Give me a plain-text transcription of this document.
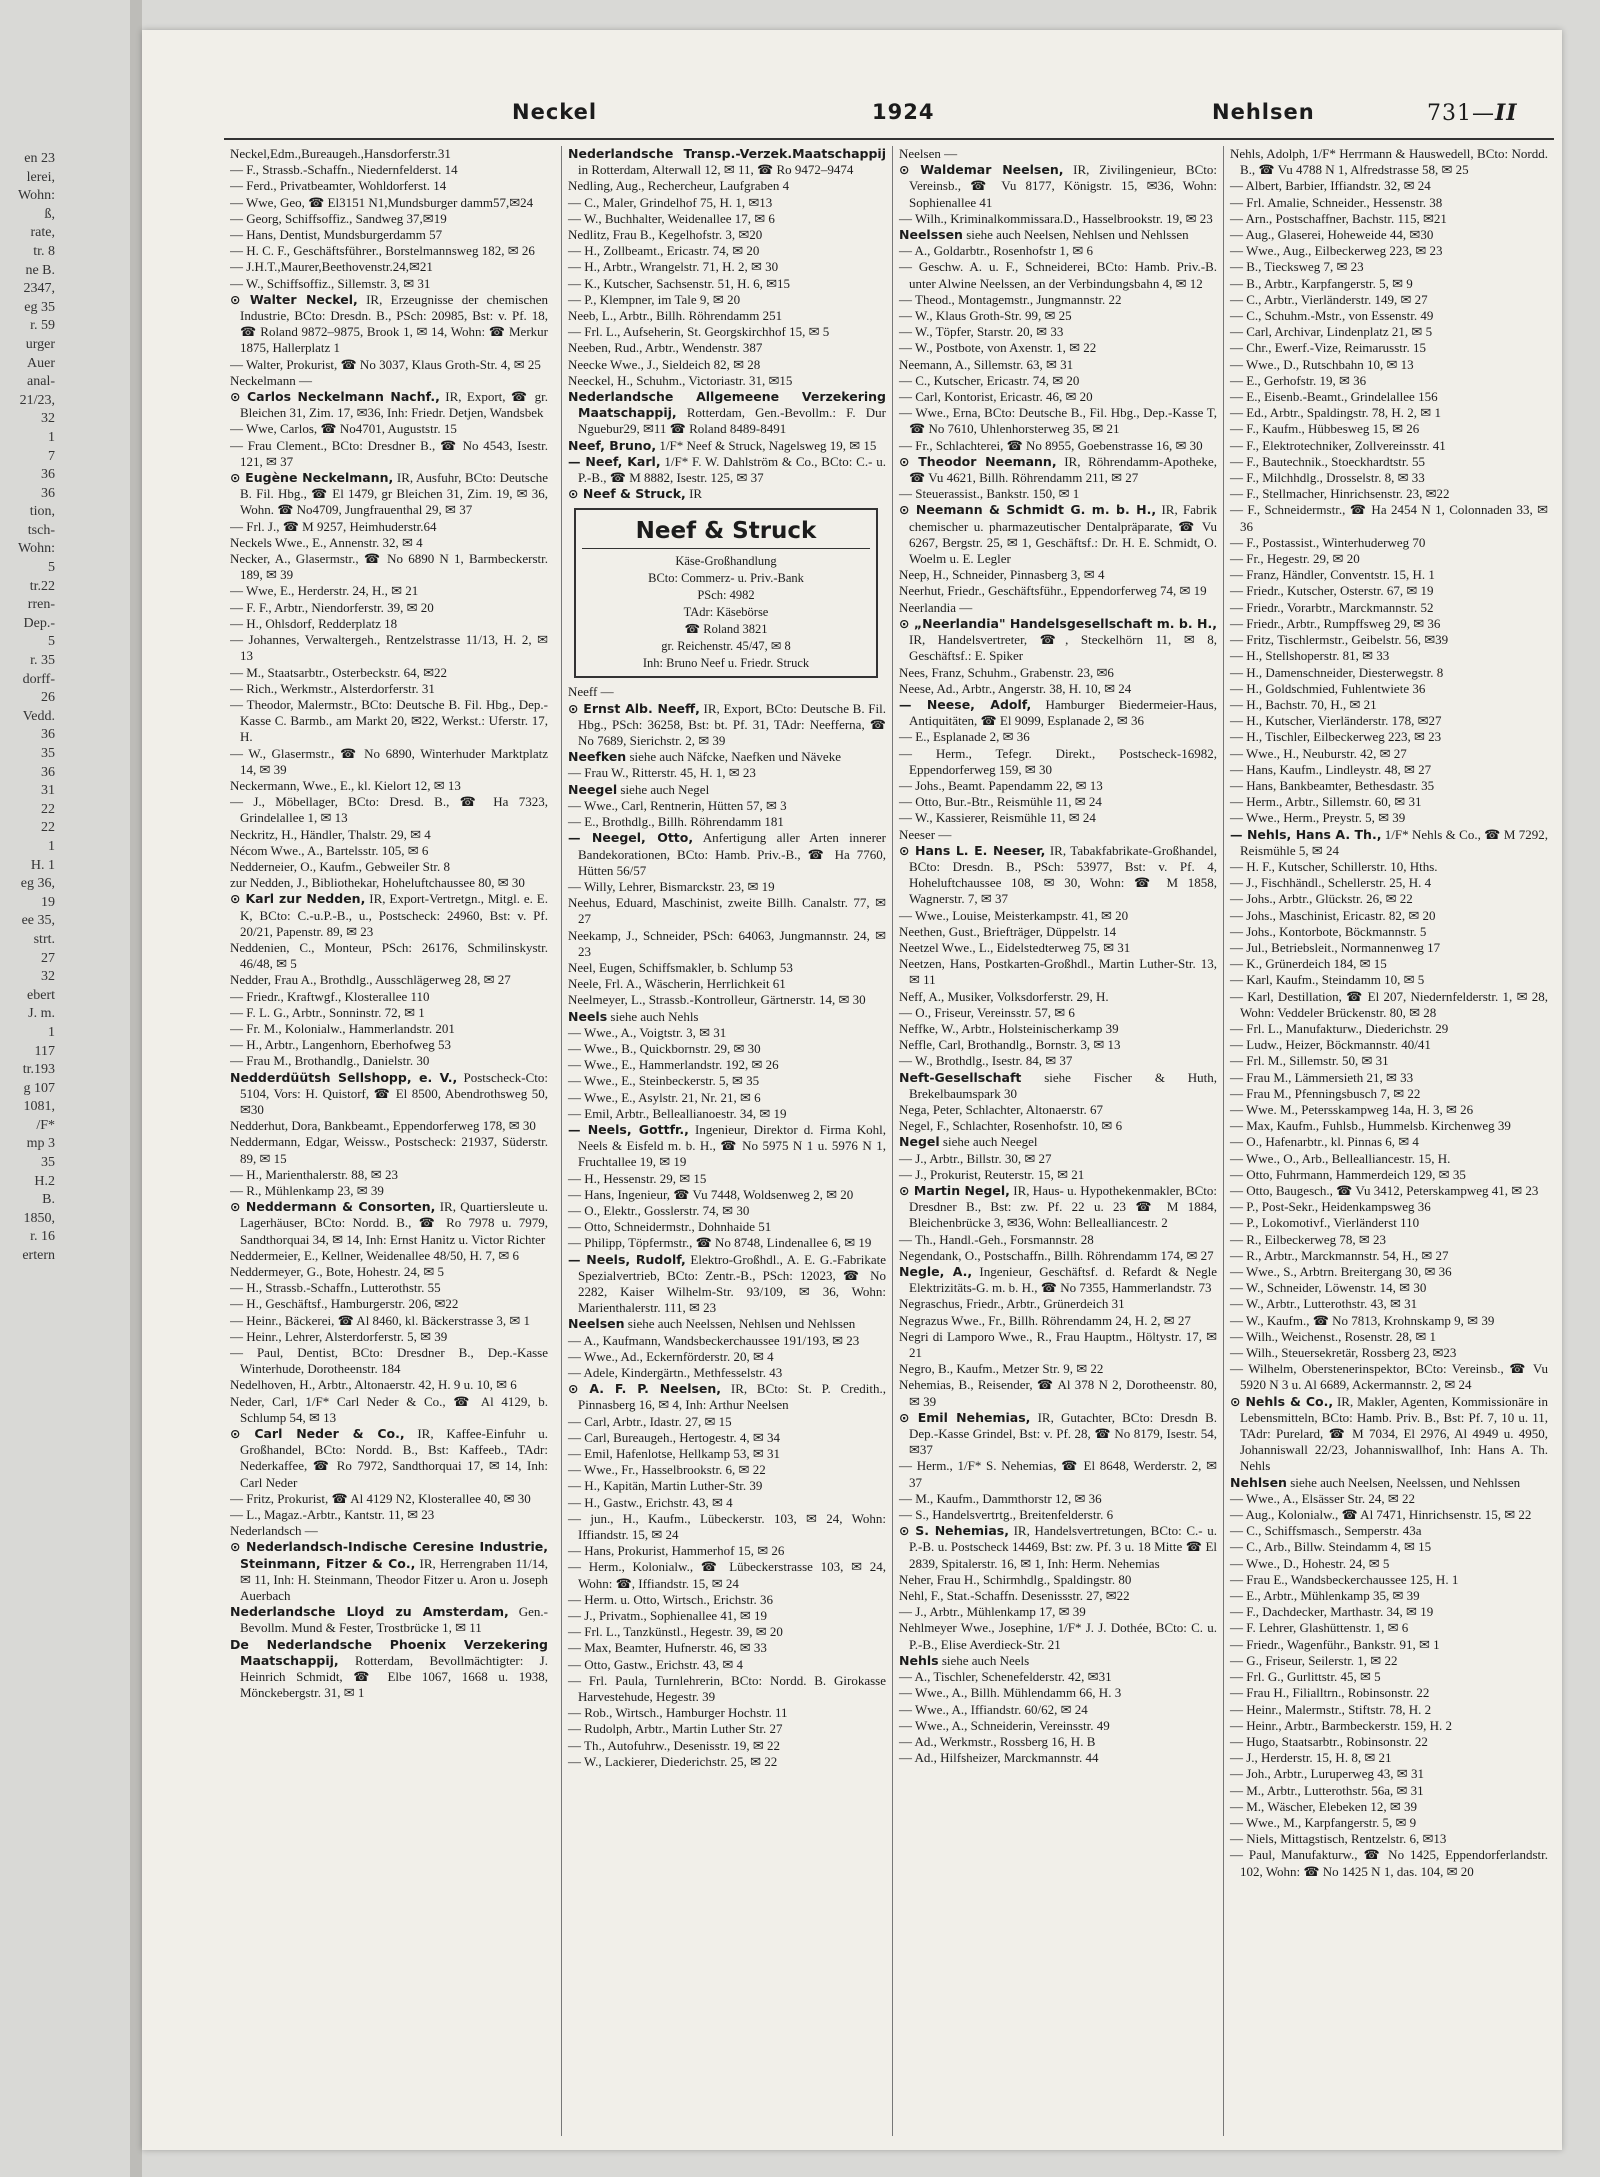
en 23
lerei,
Wohn:
ß,
rate,
tr. 8
ne B.
2347,
eg 35
r. 59
urger
Auer
anal-
21/23,
32
1
7
36
36
tion,
tsch-
Wohn:
5
tr.22
rren-
Dep.-
5
r. 35
dorff-
26
Vedd.
36
35
36
31
22
22
1
H. 1
eg 36,
19
ee 35,
strt.
27
32
ebert
J. m.
1
117
tr.193
g 107
1081,
/F*
mp 3
35
H.2
B.
1850,
r. 16
ertern
Neckel	1924	Nehlsen	731—II
Neckel,Edm.,Bureaugeh.,Hansdorferstr.31
— F., Strassb.-Schaffn., Niedernfelderst. 14
— Ferd., Privatbeamter, Wohldorferst. 14
— Wwe, Geo, ☎ El3151 N1,Mundsburger damm57,✉24
— Georg, Schiffsoffiz., Sandweg 37,✉19
— Hans, Dentist, Mundsburgerdamm 57
— H. C. F., Geschäftsführer., Borstelmannsweg 182, ✉ 26
— J.H.T.,Maurer,Beethovenstr.24,✉21
— W., Schiffsoffiz., Sillemstr. 3, ✉ 31
⊙ Walter Neckel, IR, Erzeugnisse der chemischen Industrie, BCto: Dresdn. B., PSch: 20985, Bst: v. Pf. 18, ☎ Roland 9872–9875, Brook 1, ✉ 14, Wohn: ☎ Merkur 1875, Hallerplatz 1
— Walter, Prokurist, ☎ No 3037, Klaus Groth-Str. 4, ✉ 25
Neckelmann —
⊙ Carlos Neckelmann Nachf., IR, Export, ☎ gr. Bleichen 31, Zim. 17, ✉36, Inh: Friedr. Detjen, Wandsbek
— Wwe, Carlos, ☎ No4701, Auguststr. 15
— Frau Clement., BCto: Dresdner B., ☎ No 4543, Isestr. 121, ✉ 37
⊙ Eugène Neckelmann, IR, Ausfuhr, BCto: Deutsche B. Fil. Hbg., ☎ El 1479, gr Bleichen 31, Zim. 19, ✉ 36, Wohn. ☎ No4709, Jungfrauenthal 29, ✉ 37
— Frl. J., ☎ M 9257, Heimhuderstr.64
Neckels Wwe., E., Annenstr. 32, ✉ 4
Necker, A., Glasermstr., ☎ No 6890 N 1, Barmbeckerstr. 189, ✉ 39
— Wwe, E., Herderstr. 24, H., ✉ 21
— F. F., Arbtr., Niendorferstr. 39, ✉ 20
— H., Ohlsdorf, Redderplatz 18
— Johannes, Verwaltergeh., Rentzelstrasse 11/13, H. 2, ✉ 13
— M., Staatsarbtr., Osterbeckstr. 64, ✉22
— Rich., Werkmstr., Alsterdorferstr. 31
— Theodor, Malermstr., BCto: Deutsche B. Fil. Hbg., Dep.-Kasse C. Barmb., am Markt 20, ✉22, Werkst.: Uferstr. 17, H.
— W., Glasermstr., ☎ No 6890, Winterhuder Marktplatz 14, ✉ 39
Neckermann, Wwe., E., kl. Kielort 12, ✉ 13
— J., Möbellager, BCto: Dresd. B., ☎ Ha 7323, Grindelallee 1, ✉ 13
Neckritz, H., Händler, Thalstr. 29, ✉ 4
Nécom Wwe., A., Bartelsstr. 105, ✉ 6
Nedderneier, O., Kaufm., Gebweiler Str. 8
zur Nedden, J., Bibliothekar, Hoheluftchaussee 80, ✉ 30
⊙ Karl zur Nedden, IR, Export-Vertretgn., Mitgl. e. E. K, BCto: C.-u.P.-B., u., Postscheck: 24960, Bst: v. Pf. 20/21, Papenstr. 89, ✉ 23
Neddenien, C., Monteur, PSch: 26176, Schmilinskystr. 46/48, ✉ 5
Nedder, Frau A., Brothdlg., Ausschlägerweg 28, ✉ 27
— Friedr., Kraftwgf., Klosterallee 110
— F. L. G., Arbtr., Sonninstr. 72, ✉ 1
— Fr. M., Kolonialw., Hammerlandstr. 201
— H., Arbtr., Langenhorn, Eberhofweg 53
— Frau M., Brothandlg., Danielstr. 30
Nedderdüütsh Sellshopp, e. V., Postscheck-Cto: 5104, Vors: H. Quistorf, ☎ El 8500, Abendrothsweg 50, ✉30
Nedderhut, Dora, Bankbeamt., Eppendorferweg 178, ✉ 30
Neddermann, Edgar, Weissw., Postscheck: 21937, Süderstr. 89, ✉ 15
— H., Marienthalerstr. 88, ✉ 23
— R., Mühlenkamp 23, ✉ 39
⊙ Neddermann & Consorten, IR, Quartiersleute u. Lagerhäuser, BCto: Nordd. B., ☎ Ro 7978 u. 7979, Sandthorquai 34, ✉ 14, Inh: Ernst Hanitz u. Victor Richter
Neddermeier, E., Kellner, Weidenallee 48/50, H. 7, ✉ 6
Neddermeyer, G., Bote, Hohestr. 24, ✉ 5
— H., Strassb.-Schaffn., Lutterothstr. 55
— H., Geschäftsf., Hamburgerstr. 206, ✉22
— Heinr., Bäckerei, ☎ Al 8460, kl. Bäckerstrasse 3, ✉ 1
— Heinr., Lehrer, Alsterdorferstr. 5, ✉ 39
— Paul, Dentist, BCto: Dresdner B., Dep.-Kasse Winterhude, Dorotheenstr. 184
Nedelhoven, H., Arbtr., Altonaerstr. 42, H. 9 u. 10, ✉ 6
Neder, Carl, 1/F* Carl Neder & Co., ☎ Al 4129, b. Schlump 54, ✉ 13
⊙ Carl Neder & Co., IR, Kaffee-Einfuhr u. Großhandel, BCto: Nordd. B., Bst: Kaffeeb., TAdr: Nederkaffee, ☎ Ro 7972, Sandthorquai 17, ✉ 14, Inh: Carl Neder
— Fritz, Prokurist, ☎ Al 4129 N2, Klosterallee 40, ✉ 30
— L., Magaz.-Arbtr., Kantstr. 11, ✉ 23
Nederlandsch —
⊙ Nederlandsch-Indische Ceresine Industrie, Steinmann, Fitzer & Co., IR, Herrengraben 11/14, ✉ 11, Inh: H. Steinmann, Theodor Fitzer u. Aron u. Joseph Auerbach
Nederlandsche Lloyd zu Amsterdam, Gen.-Bevollm. Mund & Fester, Trostbrücke 1, ✉ 11
De Nederlandsche Phoenix Verzekering Maatschappij, Rotterdam, Bevollmächtigter: J. Heinrich Schmidt, ☎ Elbe 1067, 1668 u. 1938, Mönckebergstr. 31, ✉ 1
Nederlandsche Transp.-Verzek.Maatschappij in Rotterdam, Alterwall 12, ✉ 11, ☎ Ro 9472–9474
Nedling, Aug., Rechercheur, Laufgraben 4
— C., Maler, Grindelhof 75, H. 1, ✉13
— W., Buchhalter, Weidenallee 17, ✉ 6
Nedlitz, Frau B., Kegelhofstr. 3, ✉20
— H., Zollbeamt., Ericastr. 74, ✉ 20
— H., Arbtr., Wrangelstr. 71, H. 2, ✉ 30
— K., Kutscher, Sachsenstr. 51, H. 6, ✉15
— P., Klempner, im Tale 9, ✉ 20
Neeb, L., Arbtr., Billh. Röhrendamm 251
— Frl. L., Aufseherin, St. Georgskirchhof 15, ✉ 5
Neeben, Rud., Arbtr., Wendenstr. 387
Neecke Wwe., J., Sieldeich 82, ✉ 28
Neeckel, H., Schuhm., Victoriastr. 31, ✉15
Nederlandsche Allgemeene Verzekering Maatschappij, Rotterdam, Gen.-Bevollm.: F. Dur Nguebur29, ✉11 ☎ Roland 8489-8491
Neef, Bruno, 1/F* Neef & Struck, Nagelsweg 19, ✉ 15
— Neef, Karl, 1/F* F. W. Dahlström & Co., BCto: C.- u. P.-B., ☎ M 8882, Isestr. 125, ✉ 37
⊙ Neef & Struck, IR
Neef & Struck
Käse-Großhandlung
BCto: Commerz- u. Priv.-Bank
PSch: 4982
TAdr: Käsebörse
☎ Roland 3821
gr. Reichenstr. 45/47, ✉ 8
Inh: Bruno Neef u. Friedr. Struck
Neeff —
⊙ Ernst Alb. Neeff, IR, Export, BCto: Deutsche B. Fil. Hbg., PSch: 36258, Bst: bt. Pf. 31, TAdr: Neefferna, ☎ No 7689, Sierichstr. 2, ✉ 39
Neefken siehe auch Näfcke, Naefken und Näveke
— Frau W., Ritterstr. 45, H. 1, ✉ 23
Neegel siehe auch Negel
— Wwe., Carl, Rentnerin, Hütten 57, ✉ 3
— E., Brothdlg., Billh. Röhrendamm 181
— Neegel, Otto, Anfertigung aller Arten innerer Bandekorationen, BCto: Hamb. Priv.-B., ☎ Ha 7760, Hütten 56/57
— Willy, Lehrer, Bismarckstr. 23, ✉ 19
Neehus, Eduard, Maschinist, zweite Billh. Canalstr. 77, ✉ 27
Neekamp, J., Schneider, PSch: 64063, Jungmannstr. 24, ✉ 23
Neel, Eugen, Schiffsmakler, b. Schlump 53
Neele, Frl. A., Wäscherin, Herrlichkeit 61
Neelmeyer, L., Strassb.-Kontrolleur, Gärtnerstr. 14, ✉ 30
Neels siehe auch Nehls
— Wwe., A., Voigtstr. 3, ✉ 31
— Wwe., B., Quickbornstr. 29, ✉ 30
— Wwe., E., Hammerlandstr. 192, ✉ 26
— Wwe., E., Steinbeckerstr. 5, ✉ 35
— Wwe., E., Asylstr. 21, Nr. 21, ✉ 6
— Emil, Arbtr., Belleallianoestr. 34, ✉ 19
— Neels, Gottfr., Ingenieur, Direktor d. Firma Kohl, Neels & Eisfeld m. b. H., ☎ No 5975 N 1 u. 5976 N 1, Fruchtallee 19, ✉ 19
— H., Hessenstr. 29, ✉ 15
— Hans, Ingenieur, ☎ Vu 7448, Woldsenweg 2, ✉ 20
— O., Elektr., Gosslerstr. 74, ✉ 30
— Otto, Schneidermstr., Dohnhaide 51
— Philipp, Töpfermstr., ☎ No 8748, Lindenallee 6, ✉ 19
— Neels, Rudolf, Elektro-Großhdl., A. E. G.-Fabrikate Spezialvertrieb, BCto: Zentr.-B., PSch: 12023, ☎ No 2282, Kaiser Wilhelm-Str. 93/109, ✉ 36, Wohn: Marienthalerstr. 111, ✉ 23
Neelsen siehe auch Neelssen, Nehlsen und Nehlssen
— A., Kaufmann, Wandsbeckerchaussee 191/193, ✉ 23
— Wwe., Ad., Eckernförderstr. 20, ✉ 4
— Adele, Kindergärtn., Methfesselstr. 43
⊙ A. F. P. Neelsen, IR, BCto: St. P. Credith., Pinnasberg 16, ✉ 4, Inh: Arthur Neelsen
— Carl, Arbtr., Idastr. 27, ✉ 15
— Carl, Bureaugeh., Hertogestr. 4, ✉ 34
— Emil, Hafenlotse, Hellkamp 53, ✉ 31
— Wwe., Fr., Hasselbrookstr. 6, ✉ 22
— H., Kapitän, Martin Luther-Str. 39
— H., Gastw., Erichstr. 43, ✉ 4
— jun., H., Kaufm., Lübeckerstr. 103, ✉ 24, Wohn: Iffiandstr. 15, ✉ 24
— Hans, Prokurist, Hammerhof 15, ✉ 26
— Herm., Kolonialw., ☎ Lübeckerstrasse 103, ✉ 24, Wohn: ☎, Iffiandstr. 15, ✉ 24
— Herm. u. Otto, Wirtsch., Erichstr. 36
— J., Privatm., Sophienallee 41, ✉ 19
— Frl. L., Tanzkünstl., Hegestr. 39, ✉ 20
— Max, Beamter, Hufnerstr. 46, ✉ 33
— Otto, Gastw., Erichstr. 43, ✉ 4
— Frl. Paula, Turnlehrerin, BCto: Nordd. B. Girokasse Harvestehude, Hegestr. 39
— Rob., Wirtsch., Hamburger Hochstr. 11
— Rudolph, Arbtr., Martin Luther Str. 27
— Th., Autofuhrw., Desenisstr. 19, ✉ 22
— W., Lackierer, Diederichstr. 25, ✉ 22
Neelsen —
⊙ Waldemar Neelsen, IR, Zivilingenieur, BCto: Vereinsb., ☎ Vu 8177, Königstr. 15, ✉36, Wohn: Sophienallee 41
— Wilh., Kriminalkommissara.D., Hasselbrookstr. 19, ✉ 23
Neelssen siehe auch Neelsen, Nehlsen und Nehlssen
— A., Goldarbtr., Rosenhofstr 1, ✉ 6
— Geschw. A. u. F., Schneiderei, BCto: Hamb. Priv.-B. unter Alwine Neelssen, an der Verbindungsbahn 4, ✉ 12
— Theod., Montagemstr., Jungmannstr. 22
— W., Klaus Groth-Str. 99, ✉ 25
— W., Töpfer, Starstr. 20, ✉ 33
— W., Postbote, von Axenstr. 1, ✉ 22
Neemann, A., Sillemstr. 63, ✉ 31
— C., Kutscher, Ericastr. 74, ✉ 20
— Carl, Kontorist, Ericastr. 46, ✉ 20
— Wwe., Erna, BCto: Deutsche B., Fil. Hbg., Dep.-Kasse T, ☎ No 7610, Uhlenhorsterweg 35, ✉ 21
— Fr., Schlachterei, ☎ No 8955, Goebenstrasse 16, ✉ 30
⊙ Theodor Neemann, IR, Röhrendamm-Apotheke, ☎ Vu 4621, Billh. Röhrendamm 211, ✉ 27
— Steuerassist., Bankstr. 150, ✉ 1
⊙ Neemann & Schmidt G. m. b. H., IR, Fabrik chemischer u. pharmazeutischer Dentalpräparate, ☎ Vu 6267, Bergstr. 25, ✉ 1, Geschäftsf.: Dr. H. E. Schmidt, O. Woelm u. E. Legler
Neep, H., Schneider, Pinnasberg 3, ✉ 4
Neerhut, Friedr., Geschäftsführ., Eppendorferweg 74, ✉ 19
Neerlandia —
⊙ „Neerlandia" Handelsgesellschaft m. b. H., IR, Handelsvertreter, ☎, Steckelhörn 11, ✉ 8, Geschäftsf.: E. Spiker
Nees, Franz, Schuhm., Grabenstr. 23, ✉6
Neese, Ad., Arbtr., Angerstr. 38, H. 10, ✉ 24
— Neese, Adolf, Hamburger Biedermeier-Haus, Antiquitäten, ☎ El 9099, Esplanade 2, ✉ 36
— E., Esplanade 2, ✉ 36
— Herm., Tefegr. Direkt., Postscheck-16982, Eppendorferweg 159, ✉ 30
— Johs., Beamt. Papendamm 22, ✉ 13
— Otto, Bur.-Btr., Reismühle 11, ✉ 24
— W., Kassierer, Reismühle 11, ✉ 24
Neeser —
⊙ Hans L. E. Neeser, IR, Tabakfabrikate-Großhandel, BCto: Dresdn. B., PSch: 53977, Bst: v. Pf. 4, Hoheluftchaussee 108, ✉ 30, Wohn: ☎ M 1858, Wagnerstr. 7, ✉ 37
— Wwe., Louise, Meisterkampstr. 41, ✉ 20
Neethen, Gust., Briefträger, Düppelstr. 14
Neetzel Wwe., L., Eidelstedterweg 75, ✉ 31
Neetzen, Hans, Postkarten-Großhdl., Martin Luther-Str. 13, ✉ 11
Neff, A., Musiker, Volksdorferstr. 29, H.
— O., Friseur, Vereinsstr. 57, ✉ 6
Neffke, W., Arbtr., Holsteinischerkamp 39
Neffle, Carl, Brothandlg., Bornstr. 3, ✉ 13
— W., Brothdlg., Isestr. 84, ✉ 37
Neft-Gesellschaft siehe Fischer & Huth, Brekelbaumspark 30
Nega, Peter, Schlachter, Altonaerstr. 67
Negel, F., Schlachter, Rosenhofstr. 10, ✉ 6
Negel siehe auch Neegel
— J., Arbtr., Billstr. 30, ✉ 27
— J., Prokurist, Reuterstr. 15, ✉ 21
⊙ Martin Negel, IR, Haus- u. Hypothekenmakler, BCto: Dresdner B., Bst: zw. Pf. 22 u. 23 ☎ M 1884, Bleichenbrücke 3, ✉36, Wohn: Bellealliancestr. 2
— Th., Handl.-Geh., Forsmannstr. 28
Negendank, O., Postschaffn., Billh. Röhrendamm 174, ✉ 27
Negle, A., Ingenieur, Geschäftsf. d. Refardt & Negle Elektrizitäts-G. m. b. H., ☎ No 7355, Hammerlandstr. 73
Negraschus, Friedr., Arbtr., Grünerdeich 31
Negrazus Wwe., Fr., Billh. Röhrendamm 24, H. 2, ✉ 27
Negri di Lamporo Wwe., R., Frau Hauptm., Höltystr. 17, ✉ 21
Negro, B., Kaufm., Metzer Str. 9, ✉ 22
Nehemias, B., Reisender, ☎ Al 378 N 2, Dorotheenstr. 80, ✉ 39
⊙ Emil Nehemias, IR, Gutachter, BCto: Dresdn B. Dep.-Kasse Grindel, Bst: v. Pf. 28, ☎ No 8179, Isestr. 54, ✉37
— Herm., 1/F* S. Nehemias, ☎ El 8648, Werderstr. 2, ✉ 37
— M., Kaufm., Dammthorstr 12, ✉ 36
— S., Handelsvertrtg., Breitenfelderstr. 6
⊙ S. Nehemias, IR, Handelsvertretungen, BCto: C.- u. P.-B. u. Postscheck 14469, Bst: zw. Pf. 3 u. 18 Mitte ☎ El 2839, Spitalerstr. 16, ✉ 1, Inh: Herm. Nehemias
Neher, Frau H., Schirmhdlg., Spaldingstr. 80
Nehl, F., Stat.-Schaffn. Desenissstr. 27, ✉22
— J., Arbtr., Mühlenkamp 17, ✉ 39
Nehlmeyer Wwe., Josephine, 1/F* J. J. Dothée, BCto: C. u. P.-B., Elise Averdieck-Str. 21
Nehls siehe auch Neels
— A., Tischler, Schenefelderstr. 42, ✉31
— Wwe., A., Billh. Mühlendamm 66, H. 3
— Wwe., A., Iffiandstr. 60/62, ✉ 24
— Wwe., A., Schneiderin, Vereinsstr. 49
— Ad., Werkmstr., Rossberg 16, H. B
— Ad., Hilfsheizer, Marckmannstr. 44
Nehls, Adolph, 1/F* Herrmann & Hauswedell, BCto: Nordd. B., ☎ Vu 4788 N 1, Alfredstrasse 58, ✉ 25
— Albert, Barbier, Iffiandstr. 32, ✉ 24
— Frl. Amalie, Schneider., Hessenstr. 38
— Arn., Postschaffner, Bachstr. 115, ✉21
— Aug., Glaserei, Hoheweide 44, ✉30
— Wwe., Aug., Eilbeckerweg 223, ✉ 23
— B., Tiecksweg 7, ✉ 23
— B., Arbtr., Karpfangerstr. 5, ✉ 9
— C., Arbtr., Vierländerstr. 149, ✉ 27
— C., Schuhm.-Mstr., von Essenstr. 49
— Carl, Archivar, Lindenplatz 21, ✉ 5
— Chr., Ewerf.-Vize, Reimarusstr. 15
— Wwe., D., Rutschbahn 10, ✉ 13
— E., Gerhofstr. 19, ✉ 36
— E., Eisenb.-Beamt., Grindelallee 156
— Ed., Arbtr., Spaldingstr. 78, H. 2, ✉ 1
— F., Kaufm., Hübbesweg 15, ✉ 26
— F., Elektrotechniker, Zollvereinsstr. 41
— F., Bautechnik., Stoeckhardtstr. 55
— F., Milchhdlg., Drosselstr. 8, ✉ 33
— F., Stellmacher, Hinrichsenstr. 23, ✉22
— F., Schneidermstr., ☎ Ha 2454 N 1, Colonnaden 33, ✉ 36
— F., Postassist., Winterhuderweg 70
— Fr., Hegestr. 29, ✉ 20
— Franz, Händler, Conventstr. 15, H. 1
— Friedr., Kutscher, Osterstr. 67, ✉ 19
— Friedr., Vorarbtr., Marckmannstr. 52
— Friedr., Arbtr., Rumpffsweg 29, ✉ 36
— Fritz, Tischlermstr., Geibelstr. 56, ✉39
— H., Stellshoperstr. 81, ✉ 33
— H., Damenschneider, Diesterwegstr. 8
— H., Goldschmied, Fuhlentwiete 36
— H., Bachstr. 70, H., ✉ 21
— H., Kutscher, Vierländerstr. 178, ✉27
— H., Tischler, Eilbeckerweg 223, ✉ 23
— Wwe., H., Neuburstr. 42, ✉ 27
— Hans, Kaufm., Lindleystr. 48, ✉ 27
— Hans, Bankbeamter, Bethesdastr. 35
— Herm., Arbtr., Sillemstr. 60, ✉ 31
— Wwe., Herm., Preystr. 5, ✉ 39
— Nehls, Hans A. Th., 1/F* Nehls & Co., ☎ M 7292, Reismühle 5, ✉ 24
— H. F., Kutscher, Schillerstr. 10, Hths.
— J., Fischhändl., Schellerstr. 25, H. 4
— Johs., Arbtr., Glückstr. 26, ✉ 22
— Johs., Maschinist, Ericastr. 82, ✉ 20
— Johs., Kontorbote, Böckmannstr. 5
— Jul., Betriebsleit., Normannenweg 17
— K., Grünerdeich 184, ✉ 15
— Karl, Kaufm., Steindamm 10, ✉ 5
— Karl, Destillation, ☎ El 207, Niedernfelderstr. 1, ✉ 28, Wohn: Veddeler Brückenstr. 80, ✉ 28
— Frl. L., Manufakturw., Diederichstr. 29
— Ludw., Heizer, Böckmannstr. 40/41
— Frl. M., Sillemstr. 50, ✉ 31
— Frau M., Lämmersieth 21, ✉ 33
— Frau M., Pfenningsbusch 7, ✉ 22
— Wwe. M., Petersskampweg 14a, H. 3, ✉ 26
— Max, Kaufm., Fuhlsb., Hummelsb. Kirchenweg 39
— O., Hafenarbtr., kl. Pinnas 6, ✉ 4
— Wwe., O., Arb., Bellealliancestr. 15, H.
— Otto, Fuhrmann, Hammerdeich 129, ✉ 35
— Otto, Baugesch., ☎ Vu 3412, Peterskampweg 41, ✉ 23
— P., Post-Sekr., Heidenkampsweg 36
— P., Lokomotivf., Vierländerst 110
— R., Eilbeckerweg 78, ✉ 23
— R., Arbtr., Marckmannstr. 54, H., ✉ 27
— Wwe., S., Arbtrn. Breitergang 30, ✉ 36
— W., Schneider, Löwenstr. 14, ✉ 30
— W., Arbtr., Lutterothstr. 43, ✉ 31
— W., Kaufm., ☎ No 7813, Krohnskamp 9, ✉ 39
— Wilh., Weichenst., Rosenstr. 28, ✉ 1
— Wilh., Steuersekretär, Rossberg 23, ✉23
— Wilhelm, Oberstenerinspektor, BCto: Vereinsb., ☎ Vu 5920 N 3 u. Al 6689, Ackermannstr. 2, ✉ 24
⊙ Nehls & Co., IR, Makler, Agenten, Kommissionäre in Lebensmitteln, BCto: Hamb. Priv. B., Bst: Pf. 7, 10 u. 11, TAdr: Purelard, ☎ M 7034, El 2976, Al 4949 u. 4950, Johanniswall 22/23, Johanniswallhof, Inh: Hans A. Th. Nehls
Nehlsen siehe auch Neelsen, Neelssen, und Nehlssen
— Wwe., A., Elsässer Str. 24, ✉ 22
— Aug., Kolonialw., ☎ Al 7471, Hinrichsenstr. 15, ✉ 22
— C., Schiffsmasch., Semperstr. 43a
— C., Arb., Billw. Steindamm 4, ✉ 15
— Wwe., D., Hohestr. 24, ✉ 5
— Frau E., Wandsbeckerchaussee 125, H. 1
— E., Arbtr., Mühlenkamp 35, ✉ 39
— F., Dachdecker, Marthastr. 34, ✉ 19
— F. Lehrer, Glashüttenstr. 1, ✉ 6
— Friedr., Wagenführ., Bankstr. 91, ✉ 1
— G., Friseur, Seilerstr. 1, ✉ 22
— Frl. G., Gurlittstr. 45, ✉ 5
— Frau H., Filialltrn., Robinsonstr. 22
— Heinr., Malermstr., Stiftstr. 78, H. 2
— Heinr., Arbtr., Barmbeckerstr. 159, H. 2
— Hugo, Staatsarbtr., Robinsonstr. 22
— J., Herderstr. 15, H. 8, ✉ 21
— Joh., Arbtr., Luruperweg 43, ✉ 31
— M., Arbtr., Lutterothstr. 56a, ✉ 31
— M., Wäscher, Elebeken 12, ✉ 39
— Wwe., M., Karpfangerstr. 5, ✉ 9
— Niels, Mittagstisch, Rentzelstr. 6, ✉13
— Paul, Manufakturw., ☎ No 1425, Eppendorferlandstr. 102, Wohn: ☎ No 1425 N 1, das. 104, ✉ 20
